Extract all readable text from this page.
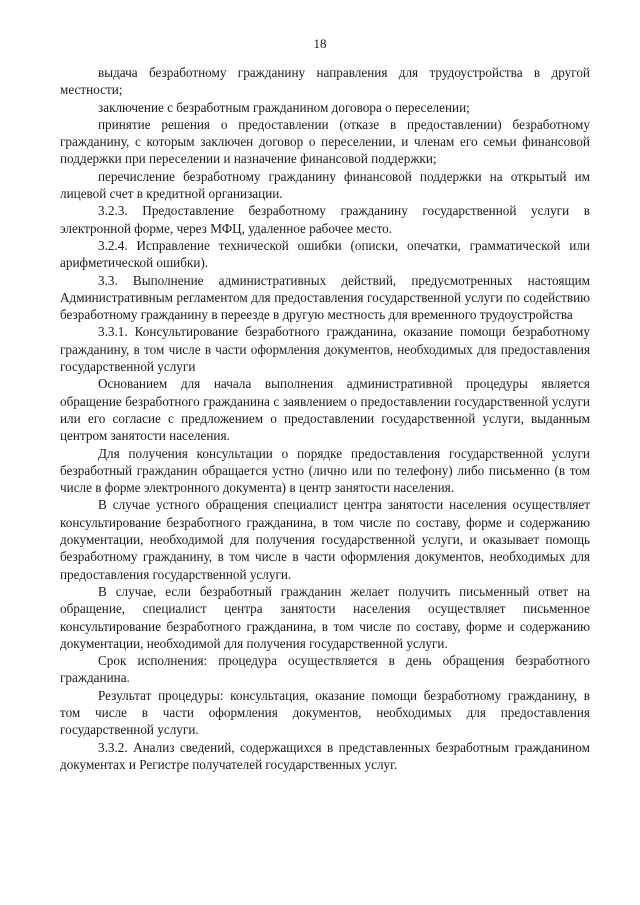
18

выдача безработному гражданину направления для трудоустройства в другой местности;

заключение с безработным гражданином договора о переселении;

принятие решения о предоставлении (отказе в предоставлении) безработному гражданину, с которым заключен договор о переселении, и членам его семьи финансовой поддержки при переселении и назначение финансовой поддержки;

перечисление безработному гражданину финансовой поддержки на открытый им лицевой счет в кредитной организации.

3.2.3. Предоставление безработному гражданину государственной услуги в электронной форме, через МФЦ, удаленное рабочее место.

3.2.4. Исправление технической ошибки (описки, опечатки, грамматической или арифметической ошибки).

3.3. Выполнение административных действий, предусмотренных настоящим Административным регламентом для предоставления государственной услуги по содействию безработному гражданину в переезде в другую местность для временного трудоустройства

3.3.1. Консультирование безработного гражданина, оказание помощи безработному гражданину, в том числе в части оформления документов, необходимых для предоставления государственной услуги

Основанием для начала выполнения административной процедуры является обращение безработного гражданина с заявлением о предоставлении государственной услуги или его согласие с предложением о предоставлении государственной услуги, выданным центром занятости населения.

Для получения консультации о порядке предоставления государственной услуги безработный гражданин обращается устно (лично или по телефону) либо письменно (в том числе в форме электронного документа) в центр занятости населения.

В случае устного обращения специалист центра занятости населения осуществляет консультирование безработного гражданина, в том числе по составу, форме и содержанию документации, необходимой для получения государственной услуги, и оказывает помощь безработному гражданину, в том числе в части оформления документов, необходимых для предоставления государственной услуги.

В случае, если безработный гражданин желает получить письменный ответ на обращение, специалист центра занятости населения осуществляет письменное консультирование безработного гражданина, в том числе по составу, форме и содержанию документации, необходимой для получения государственной услуги.

Срок исполнения: процедура осуществляется в день обращения безработного гражданина.

Результат процедуры: консультация, оказание помощи безработному гражданину, в том числе в части оформления документов, необходимых для предоставления государственной услуги.

3.3.2. Анализ сведений, содержащихся в представленных безработным гражданином документах и Регистре получателей государственных услуг.
